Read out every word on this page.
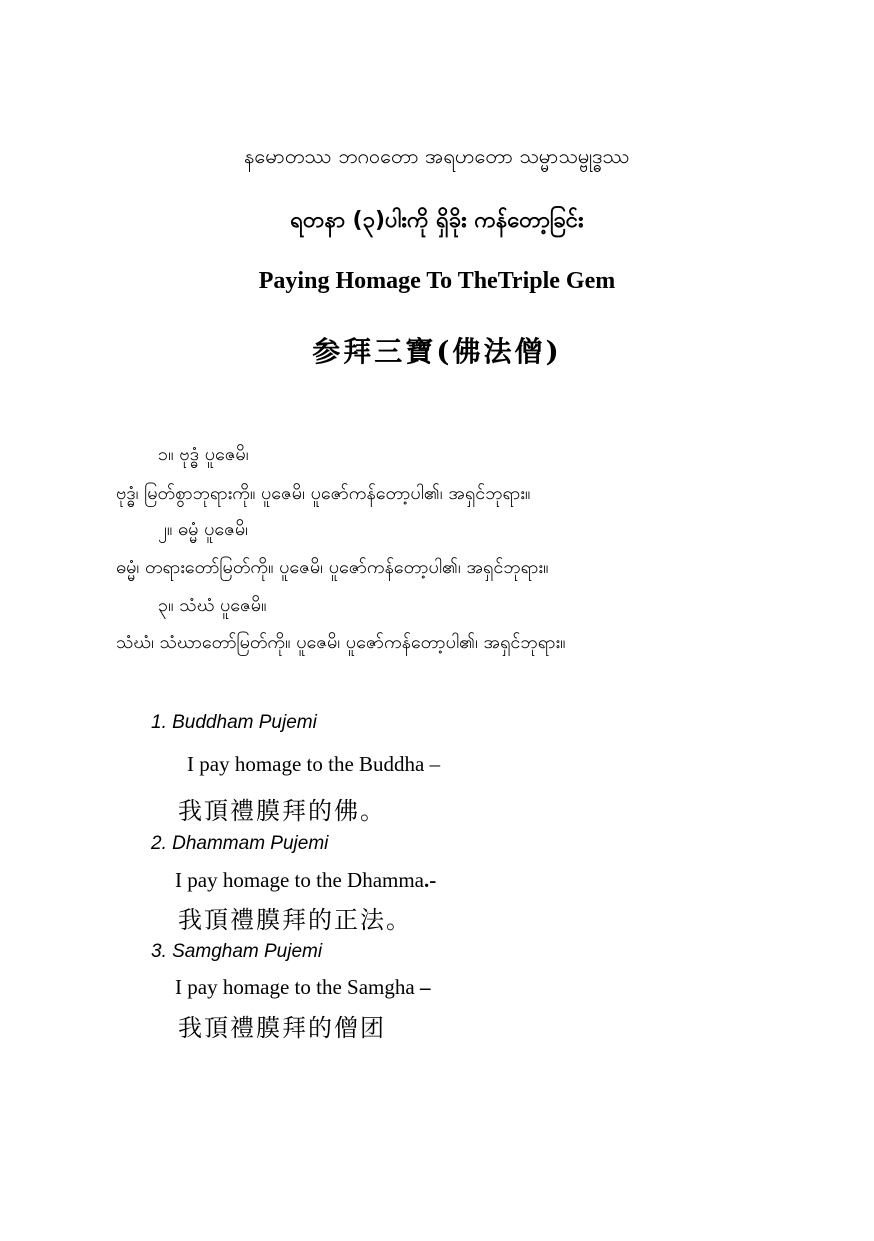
နမောတဿ ဘဂဝတော အရဟတော သမ္မာသမ္ဗုဒ္ဓဿ
ရတနာ (၃)ပါးကို ရှိခိုး ကန်တော့ခြင်း
Paying Homage To TheTriple Gem
参拜三寶(佛法僧)
၁။ ဗုဒ္ဓံ ပူဇေမိ၊
ဗုဒ္ဓံ၊ မြတ်စွာဘုရားကို။ ပူဇေမိ၊ ပူဇော်ကန်တော့ပါ၏၊ အရှင်ဘုရား။
၂။ ဓမ္မံ ပူဇေမိ၊
ဓမ္မံ၊ တရားတော်မြတ်ကို။ ပူဇေမိ၊ ပူဇော်ကန်တော့ပါ၏၊ အရှင်ဘုရား။
၃။ သံဃံ ပူဇေမိ။
သံဃံ၊ သံဃာတော်မြတ်ကို။ ပူဇေမိ၊ ပူဇော်ကန်တော့ပါ၏၊ အရှင်ဘုရား။
1. Buddham Pujemi
I pay homage to the Buddha –
我頂禮膜拜的佛。
2. Dhammam Pujemi
I pay homage to the Dhamma.-
我頂禮膜拜的正法。
3. Samgham Pujemi
I pay homage to the Samgha –
我頂禮膜拜的僧团
